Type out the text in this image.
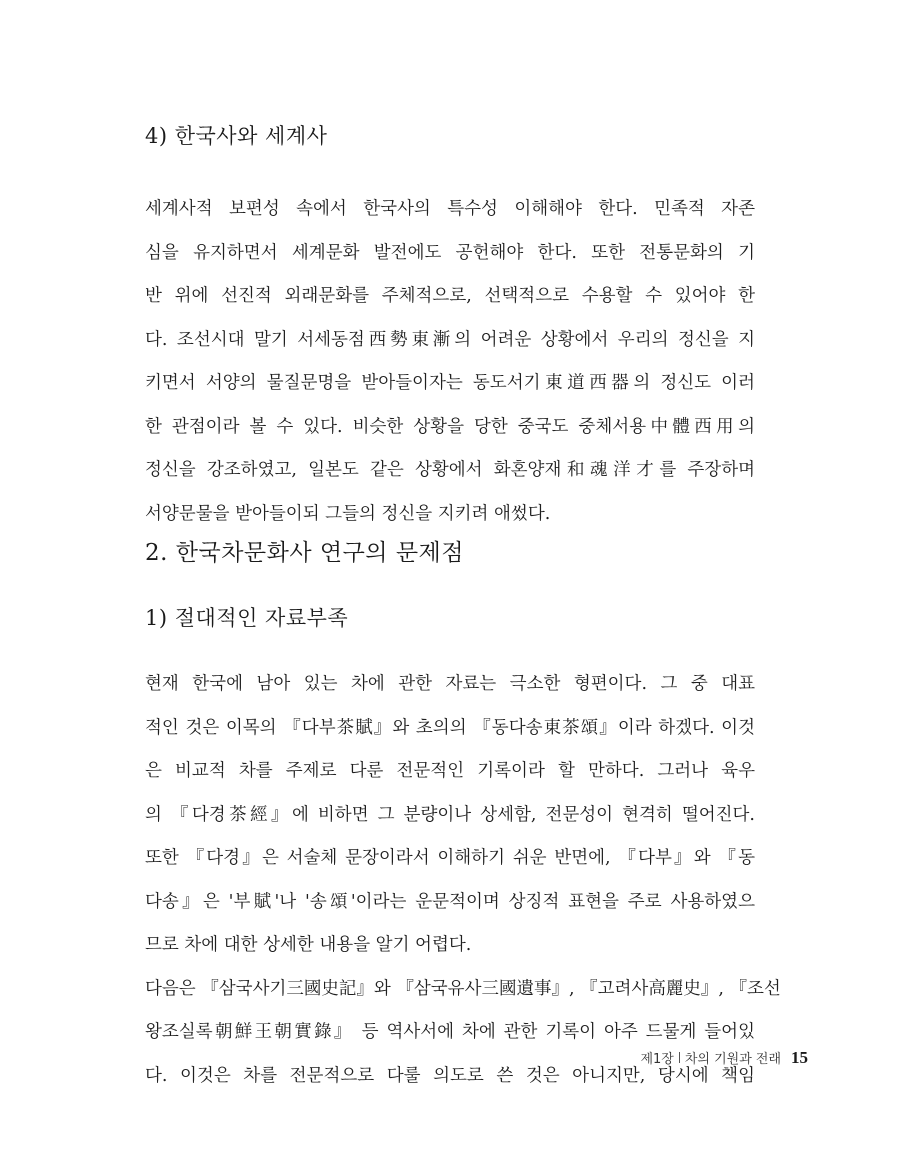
4) 한국사와 세계사
세계사적 보편성 속에서 한국사의 특수성 이해해야 한다. 민족적 자존
심을 유지하면서 세계문화 발전에도 공헌해야 한다. 또한 전통문화의 기
반 위에 선진적 외래문화를 주체적으로, 선택적으로 수용할 수 있어야 한
다. 조선시대 말기 서세동점西勢東漸의 어려운 상황에서 우리의 정신을 지
키면서 서양의 물질문명을 받아들이자는 동도서기東道西器의 정신도 이러
한 관점이라 볼 수 있다. 비슷한 상황을 당한 중국도 중체서용中體西用의
정신을 강조하였고, 일본도 같은 상황에서 화혼양재和魂洋才를 주장하며
서양문물을 받아들이되 그들의 정신을 지키려 애썼다.
2. 한국차문화사 연구의 문제점
1) 절대적인 자료부족
현재 한국에 남아 있는 차에 관한 자료는 극소한 형편이다. 그 중 대표
적인 것은 이목의 『다부茶賦』와 초의의 『동다송東茶頌』이라 하겠다. 이것
은 비교적 차를 주제로 다룬 전문적인 기록이라 할 만하다. 그러나 육우
의 『다경茶經』에 비하면 그 분량이나 상세함, 전문성이 현격히 떨어진다.
또한 『다경』은 서술체 문장이라서 이해하기 쉬운 반면에, 『다부』와 『동
다송』은 '부賦'나 '송頌'이라는 운문적이며 상징적 표현을 주로 사용하였으
므로 차에 대한 상세한 내용을 알기 어렵다.
다음은 『삼국사기三國史記』와 『삼국유사三國遺事』, 『고려사高麗史』, 『조선
왕조실록朝鮮王朝實錄』 등 역사서에 차에 관한 기록이 아주 드물게 들어있
다. 이것은 차를 전문적으로 다룰 의도로 쓴 것은 아니지만, 당시에 책임
제1장 차의 기원과 전래 15
